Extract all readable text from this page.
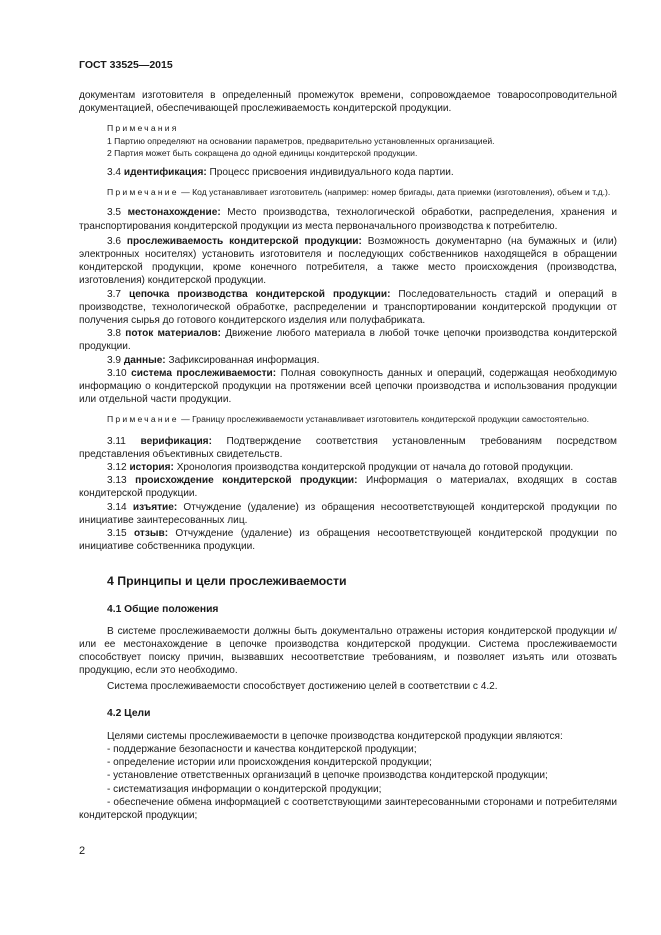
ГОСТ 33525—2015

документам изготовителя в определенный промежуток времени, сопровождаемое товаросопроводительной документацией, обеспечивающей прослеживаемость кондитерской продукции.

Примечания

1 Партию определяют на основании параметров, предварительно установленных организацией.

2 Партия может быть сокращена до одной единицы кондитерской продукции.

3.4 идентификация: Процесс присвоения индивидуального кода партии.

Примечание — Код устанавливает изготовитель (например: номер бригады, дата приемки (изготовления), объем и т.д.).

3.5 местонахождение: Место производства, технологической обработки, распределения, хранения и транспортирования кондитерской продукции из места первоначального производства к потребителю.

3.6 прослеживаемость кондитерской продукции: Возможность документарно (на бумажных и (или) электронных носителях) установить изготовителя и последующих собственников находящейся в обращении кондитерской продукции, кроме конечного потребителя, а также место происхождения (производства, изготовления) кондитерской продукции.

3.7 цепочка производства кондитерской продукции: Последовательность стадий и операций в производстве, технологической обработке, распределении и транспортировании кондитерской продукции от получения сырья до готового кондитерского изделия или полуфабриката.

3.8 поток материалов: Движение любого материала в любой точке цепочки производства кондитерской продукции.

3.9 данные: Зафиксированная информация.

3.10 система прослеживаемости: Полная совокупность данных и операций, содержащая необходимую информацию о кондитерской продукции на протяжении всей цепочки производства и использования продукции или отдельной части продукции.

Примечание — Границу прослеживаемости устанавливает изготовитель кондитерской продукции самостоятельно.

3.11 верификация: Подтверждение соответствия установленным требованиям посредством представления объективных свидетельств.

3.12 история: Хронология производства кондитерской продукции от начала до готовой продукции.

3.13 происхождение кондитерской продукции: Информация о материалах, входящих в состав кондитерской продукции.

3.14 изъятие: Отчуждение (удаление) из обращения несоответствующей кондитерской продукции по инициативе заинтересованных лиц.

3.15 отзыв: Отчуждение (удаление) из обращения несоответствующей кондитерской продукции по инициативе собственника продукции.

4 Принципы и цели прослеживаемости
4.1 Общие положения

В системе прослеживаемости должны быть документально отражены история кондитерской продукции и/или ее местонахождение в цепочке производства кондитерской продукции. Система прослеживаемости способствует поиску причин, вызвавших несоответствие требованиям, и позволяет изъять или отозвать продукцию, если это необходимо.

Система прослеживаемости способствует достижению целей в соответствии с 4.2.

4.2 Цели

Целями системы прослеживаемости в цепочке производства кондитерской продукции являются:

- поддержание безопасности и качества кондитерской продукции;
- определение истории или происхождения кондитерской продукции;
- установление ответственных организаций в цепочке производства кондитерской продукции;
- систематизация информации о кондитерской продукции;
- обеспечение обмена информацией с соответствующими заинтересованными сторонами и потребителями кондитерской продукции;
2
